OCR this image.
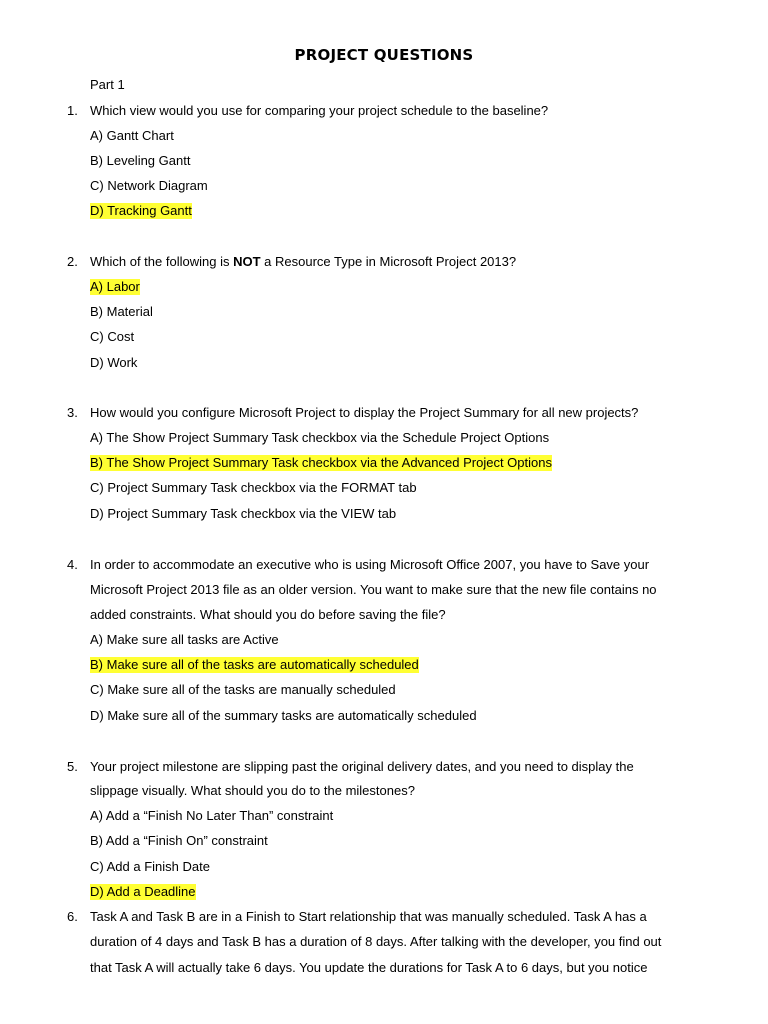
PROJECT QUESTIONS
Part 1
1. Which view would you use for comparing your project schedule to the baseline?
A) Gantt Chart
B) Leveling Gantt
C) Network Diagram
D) Tracking Gantt
2. Which of the following is NOT a Resource Type in Microsoft Project 2013?
A) Labor
B) Material
C) Cost
D) Work
3. How would you configure Microsoft Project to display the Project Summary for all new projects?
A) The Show Project Summary Task checkbox via the Schedule Project Options
B) The Show Project Summary Task checkbox via the Advanced Project Options
C) Project Summary Task checkbox via the FORMAT tab
D) Project Summary Task checkbox via the VIEW tab
4. In order to accommodate an executive who is using Microsoft Office 2007, you have to Save your
Microsoft Project 2013 file as an older version. You want to make sure that the new file contains no
added constraints. What should you do before saving the file?
A) Make sure all tasks are Active
B) Make sure all of the tasks are automatically scheduled
C) Make sure all of the tasks are manually scheduled
D) Make sure all of the summary tasks are automatically scheduled
5. Your project milestone are slipping past the original delivery dates, and you need to display the
slippage visually. What should you do to the milestones?
A) Add a “Finish No Later Than” constraint
B) Add a “Finish On” constraint
C) Add a Finish Date
D) Add a Deadline
6. Task A and Task B are in a Finish to Start relationship that was manually scheduled. Task A has a
duration of 4 days and Task B has a duration of 8 days. After talking with the developer, you find out
that Task A will actually take 6 days. You update the durations for Task A to 6 days, but you notice
